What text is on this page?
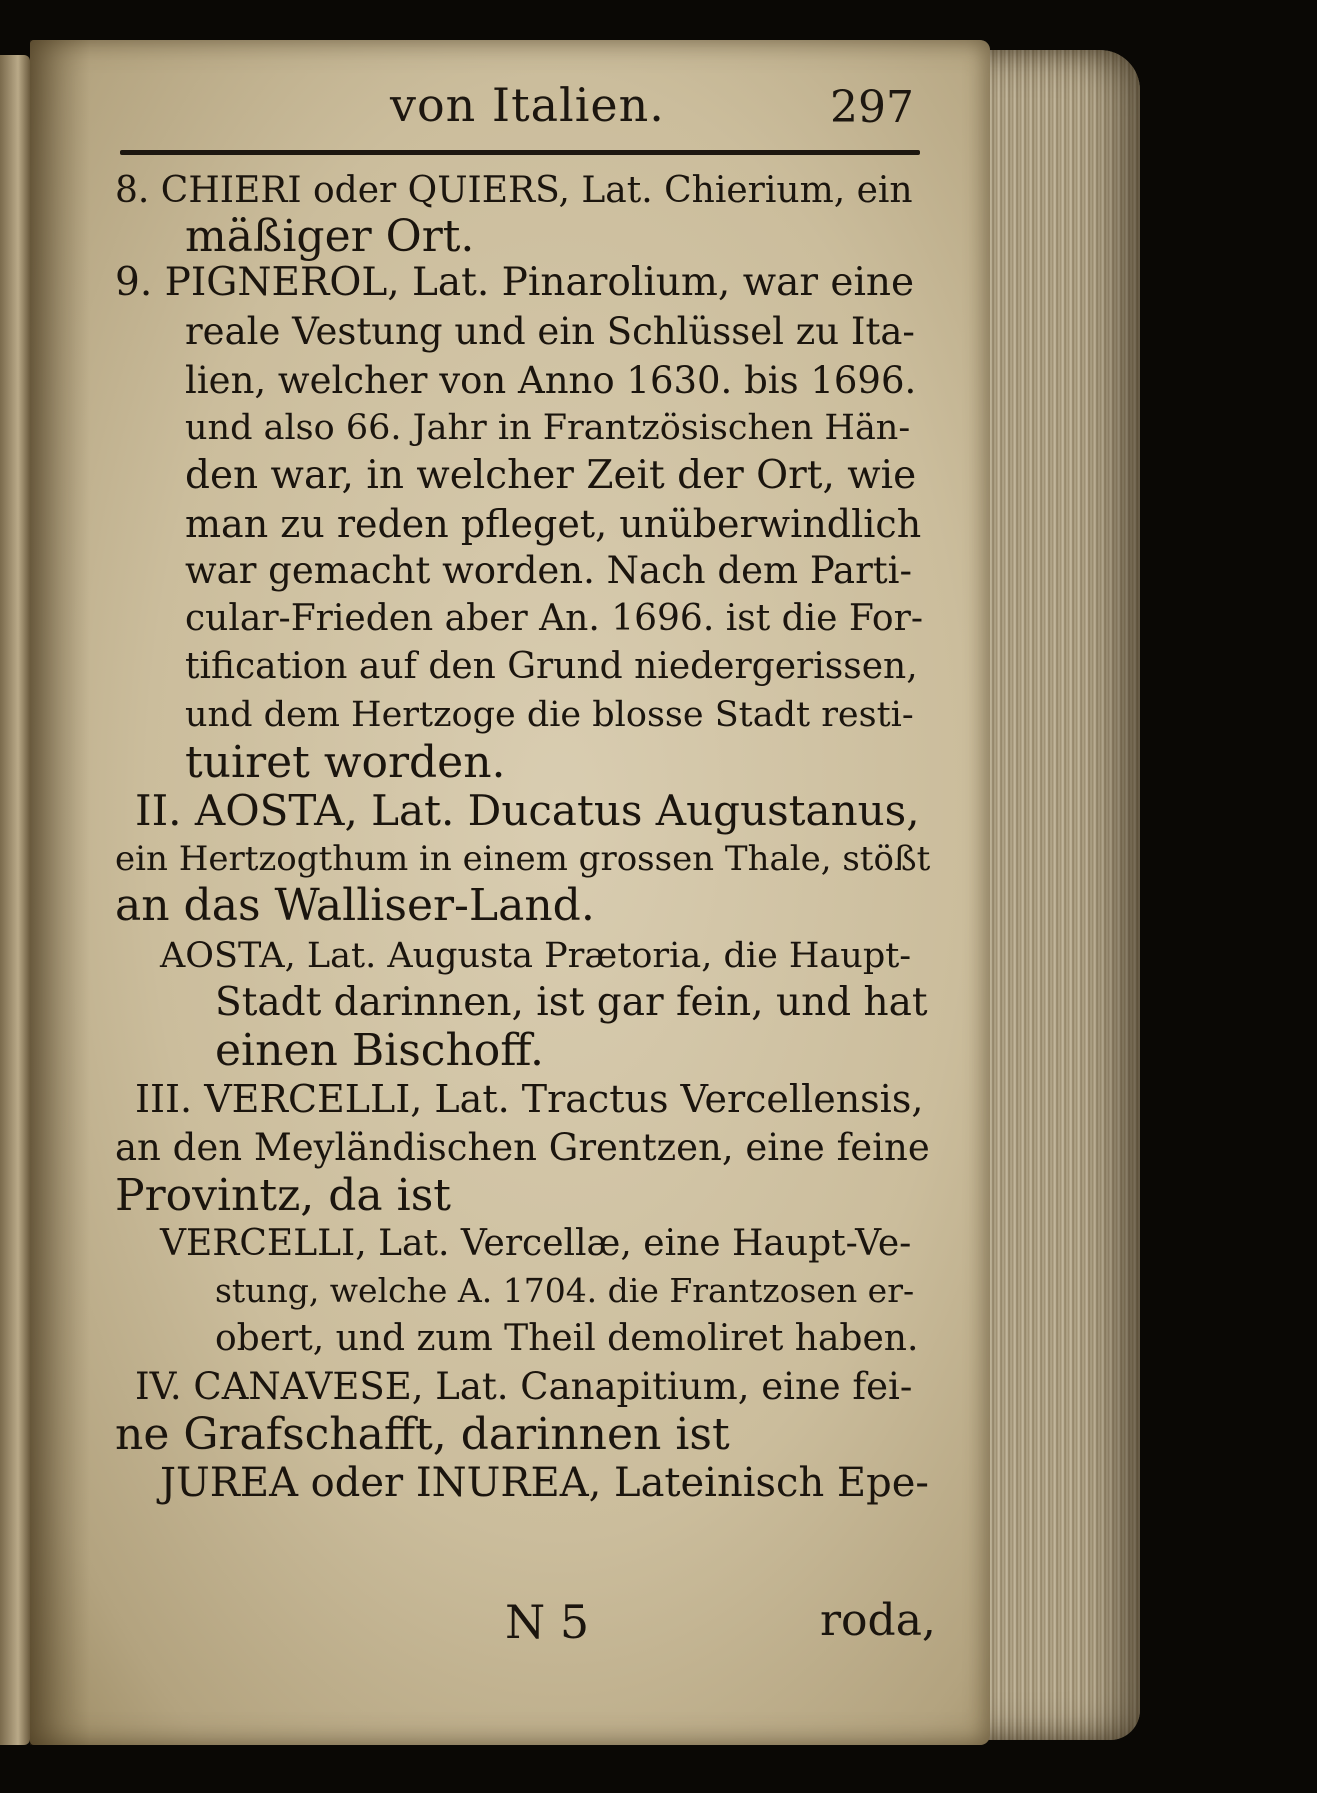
von Italien.	297
8. CHIERI oder QUIERS, Lat. Chierium, ein
mäßiger Ort.
9. PIGNEROL, Lat. Pinarolium, war eine
reale Vestung und ein Schlüssel zu Ita-
lien, welcher von Anno 1630. bis 1696.
und also 66. Jahr in Frantzösischen Hän-
den war, in welcher Zeit der Ort, wie
man zu reden pfleget, unüberwindlich
war gemacht worden. Nach dem Parti-
cular-Frieden aber An. 1696. ist die For-
tification auf den Grund niedergerissen,
und dem Hertzoge die blosse Stadt resti-
tuiret worden.
II. AOSTA, Lat. Ducatus Augustanus,
ein Hertzogthum in einem grossen Thale, stößt
an das Walliser-Land.
AOSTA, Lat. Augusta Prætoria, die Haupt-
Stadt darinnen, ist gar fein, und hat
einen Bischoff.
III. VERCELLI, Lat. Tractus Vercellensis,
an den Meyländischen Grentzen, eine feine
Provintz, da ist
VERCELLI, Lat. Vercellæ, eine Haupt-Ve-
stung, welche A. 1704. die Frantzosen er-
obert, und zum Theil demoliret haben.
IV. CANAVESE, Lat. Canapitium, eine fei-
ne Grafschafft, darinnen ist
JUREA oder INUREA, Lateinisch Epe-
N 5	roda,
